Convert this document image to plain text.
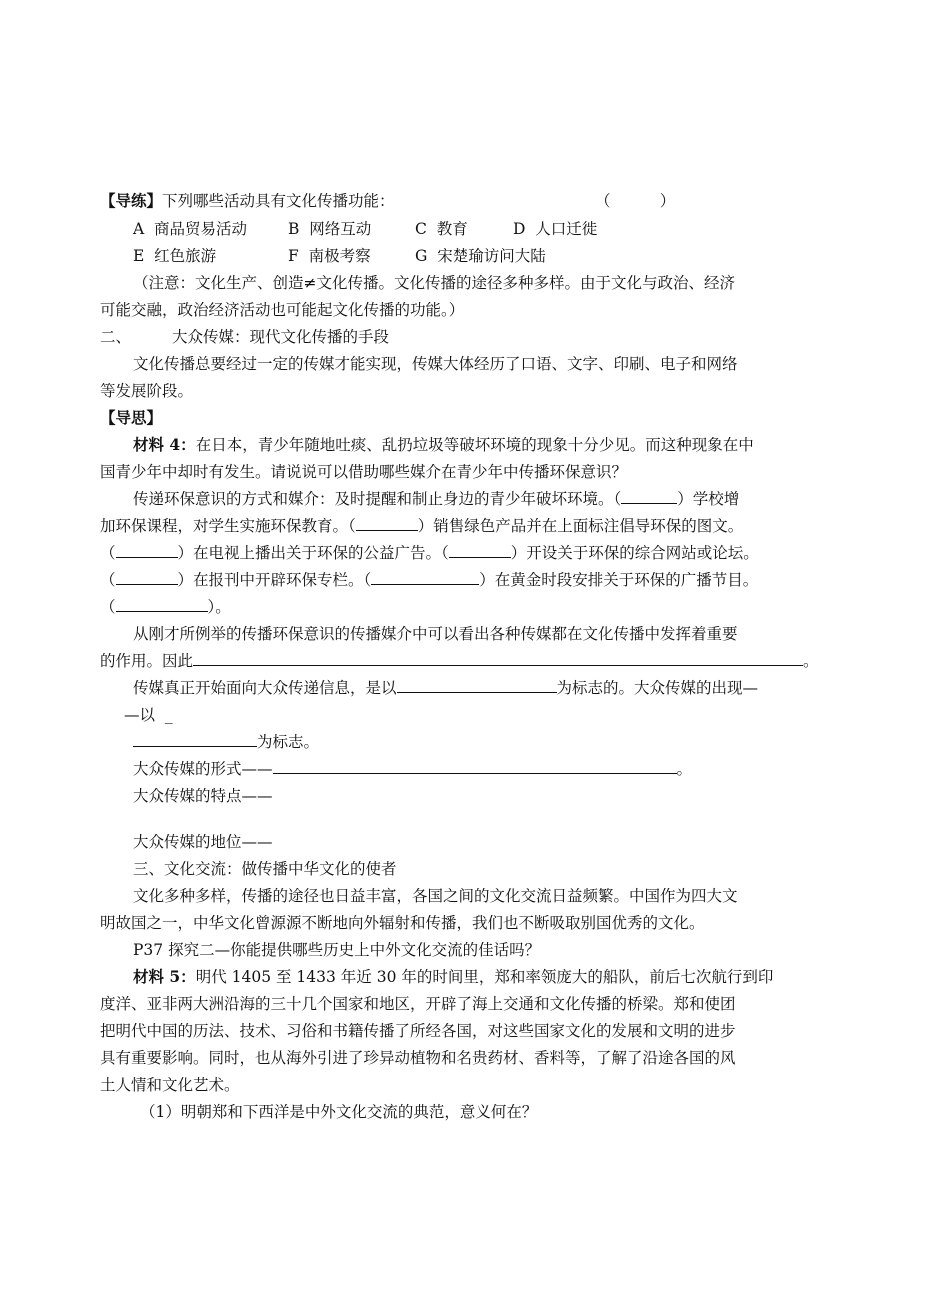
【导练】下列哪些活动具有文化传播功能：	（          ）
A  商品贸易活动	B  网络互动	C  教育	D  人口迁徙
E  红色旅游	F  南极考察	G  宋楚瑜访问大陆
（注意：文化生产、创造≠文化传播。文化传播的途径多种多样。由于文化与政治、经济
可能交融，政治经济活动也可能起文化传播的功能。）
二、	大众传媒：现代文化传播的手段
文化传播总要经过一定的传媒才能实现，传媒大体经历了口语、文字、印刷、电子和网络
等发展阶段。
【导思】
材料 4：在日本，青少年随地吐痰、乱扔垃圾等破坏环境的现象十分少见。而这种现象在中
国青少年中却时有发生。请说说可以借助哪些媒介在青少年中传播环保意识？
传递环保意识的方式和媒介：及时提醒和制止身边的青少年破坏环境。（	）学校增
加环保课程，对学生实施环保教育。（	）销售绿色产品并在上面标注倡导环保的图文。
（	）在电视上播出关于环保的公益广告。（	）开设关于环保的综合网站或论坛。
（	）在报刊中开辟环保专栏。（	）在黄金时段安排关于环保的广播节目。
（	）。
从刚才所例举的传播环保意识的传播媒介中可以看出各种传媒都在文化传播中发挥着重要
的作用。因此	。
传媒真正开始面向大众传递信息，是以	为标志的。大众传媒的出现—
—以  _
为标志。
大众传媒的形式——	。
大众传媒的特点——
大众传媒的地位——
三、文化交流：做传播中华文化的使者
文化多种多样，传播的途径也日益丰富，各国之间的文化交流日益频繁。中国作为四大文
明故国之一，中华文化曾源源不断地向外辐射和传播，我们也不断吸取别国优秀的文化。
P37 探究二—你能提供哪些历史上中外文化交流的佳话吗？
材料 5：明代 1405 至 1433 年近 30 年的时间里，郑和率领庞大的船队，前后七次航行到印
度洋、亚非两大洲沿海的三十几个国家和地区，开辟了海上交通和文化传播的桥梁。郑和使团
把明代中国的历法、技术、习俗和书籍传播了所经各国，对这些国家文化的发展和文明的进步
具有重要影响。同时，也从海外引进了珍异动植物和名贵药材、香料等，了解了沿途各国的风
土人情和文化艺术。
（1）明朝郑和下西洋是中外文化交流的典范，意义何在？
